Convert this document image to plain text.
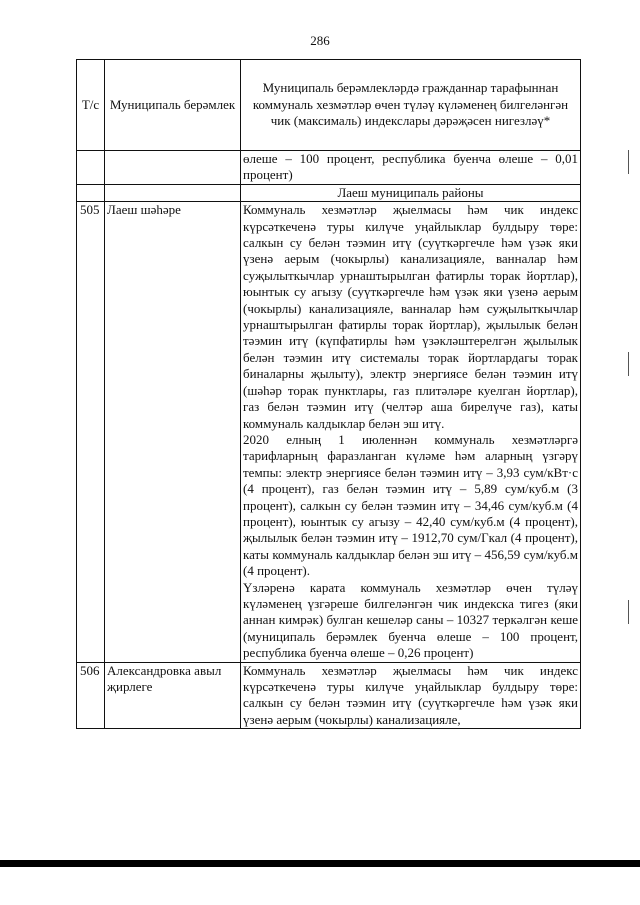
286
Т/с	Муниципаль берәмлек	Муниципаль берәмлекләрдә гражданнар тарафыннан коммуналь хезмәтләр өчен түләү күләменең билгеләнгән чик (максималь) индекслары дәрәҗәсен нигезләү*
		өлеше – 100 процент, республика буенча өлеше – 0,01 процент)
		Лаеш муниципаль районы
505	Лаеш шәһәре	Коммуналь хезмәтләр җыелмасы һәм чик индекс күрсәткеченә туры килүче уңайлыклар булдыру төре: салкын су белән тәэмин итү (суүткәргечле һәм үзәк яки үзенә аерым (чокырлы) канализацияле, ванналар һәм суҗылыткычлар урнаштырылган фатирлы торак йортлар), юынтык су агызу (суүткәргечле һәм үзәк яки үзенә аерым (чокырлы) канализацияле, ванналар һәм суҗылыткычлар урнаштырылган фатирлы торак йортлар), җылылык белән тәэмин итү (күпфатирлы һәм үзәкләштерелгән җылылык белән тәэмин итү системалы торак йортлардагы торак биналарны җылыту), электр энергиясе белән тәэмин итү (шәһәр торак пунктлары, газ плитәләре куелган йортлар), газ белән тәэмин итү (челтәр аша бирелүче газ), каты коммуналь калдыклар белән эш итү.

2020 елның 1 июленнән коммуналь хезмәтләргә тарифларның фаразланган күләме һәм аларның үзгәрү темпы: электр энергиясе белән тәэмин итү – 3,93 сум/кВт·с (4 процент), газ белән тәэмин итү – 5,89 сум/куб.м (3 процент), салкын су белән тәэмин итү – 34,46 сум/куб.м (4 процент), юынтык су агызу – 42,40 сум/куб.м (4 процент), җылылык белән тәэмин итү – 1912,70 сум/Гкал (4 процент), каты коммуналь калдыклар белән эш итү – 456,59 сум/куб.м (4 процент).

Үзләренә карата коммуналь хезмәтләр өчен түләү күләменең үзгәреше билгеләнгән чик индекска тигез (яки аннан кимрәк) булган кешеләр саны – 10327 теркәлгән кеше (муниципаль берәмлек буенча өлеше – 100 процент, республика буенча өлеше – 0,26 процент)

506	Александровка авыл җирлеге	Коммуналь хезмәтләр җыелмасы һәм чик индекс күрсәткеченә туры килүче уңайлыклар булдыру төре: салкын су белән тәэмин итү (суүткәргечле һәм үзәк яки үзенә аерым (чокырлы) канализацияле,
